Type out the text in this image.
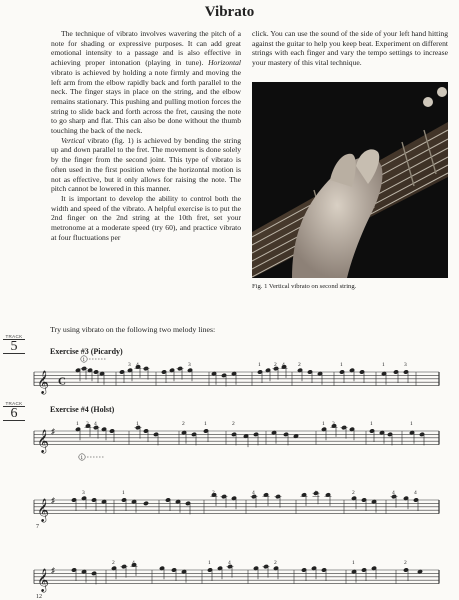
Vibrato

The technique of vibrato involves wavering the pitch of a note for shading or expressive purposes. It can add great emotional intensity to a passage and is also effective in achieving proper intonation (playing in tune). Horizontal vibrato is achieved by holding a note firmly and moving the left arm from the elbow rapidly back and forth parallel to the neck. The finger stays in place on the string, and the elbow remains stationary. This pushing and pulling motion forces the string to slide back and forth across the fret, causing the note to go sharp and flat. This can also be done without the thumb touching the back of the neck.

Vertical vibrato (fig. 1) is achieved by bending the string up and down parallel to the fret. The movement is done solely by the finger from the second joint. This type of vibrato is often used in the first position where the horizontal motion is not as effective, but it only allows for raising the note. The pitch cannot be lowered in this manner.

It is important to develop the ability to control both the width and speed of the vibrato. A helpful exercise is to put the 2nd finger on the 2nd string at the 10th fret, set your metronome at a moderate speed (try 60), and practice vibrato at four fluctuations per

click. You can use the sound of the side of your left hand hitting against the guitar to help you keep beat. Experiment on different strings with each finger and vary the tempo settings to increase your mastery of this vital technique.

Fig. 1 Vertical vibrato on second string.
Try using vibrato on the following two melody lines:
TRACK
5
TRACK
6
Exercise #3 (Picardy)
Exercise #4 (Holst)
𝄞 C
3 4	3	1 2 4 2	1	1	3
1
𝄞 ♯
1 3 4	1	2	1	2	1 3	1	1
1
𝄞 ♯
3	1	2	4	4	2	4	4
𝄞 ♯
2	4	1	4	2	1	2
7
12
